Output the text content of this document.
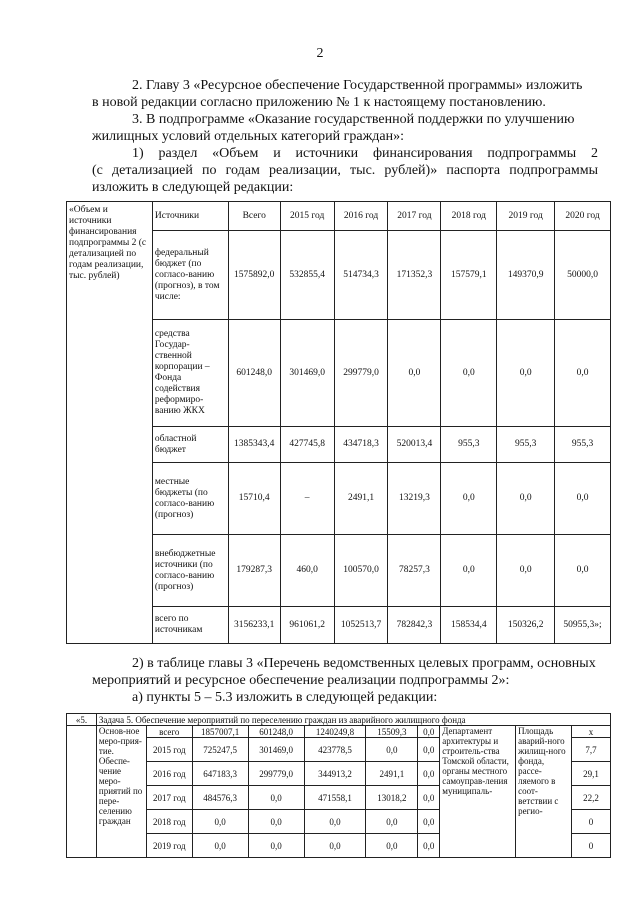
2

2. Главу 3 «Ресурсное обеспечение Государственной программы» изложить

в новой редакции согласно приложению № 1 к настоящему постановлению.

3. В подпрограмме «Оказание государственной поддержки по улучшению

жилищных условий отдельных категорий граждан»:

1) раздел «Объем и источники финансирования подпрограммы 2

(с детализацией по годам реализации, тыс. рублей)» паспорта подпрограммы

изложить в следующей редакции:

«Объем и источники финансирования подпрограммы 2 (с детализацией по годам реализации, тыс. рублей)	Источники	Всего	2015 год	2016 год	2017 год	2018 год	2019 год	2020 год
	федеральный бюджет (по согласо-ванию (прогноз), в том числе:	1575892,0	532855,4	514734,3	171352,3	157579,1	149370,9	50000,0
	средства Государ-ственной корпорации – Фонда содействия реформиро-ванию ЖКХ	601248,0	301469,0	299779,0	0,0	0,0	0,0	0,0
	областной бюджет	1385343,4	427745,8	434718,3	520013,4	955,3	955,3	955,3
	местные бюджеты (по согласо-ванию (прогноз)	15710,4	–	2491,1	13219,3	0,0	0,0	0,0
	внебюджетные источники (по согласо-ванию (прогноз)	179287,3	460,0	100570,0	78257,3	0,0	0,0	0,0
	всего по источникам	3156233,1	961061,2	1052513,7	782842,3	158534,4	150326,2	50955,3»;

2) в таблице главы 3 «Перечень ведомственных целевых программ, основных

мероприятий и ресурсное обеспечение реализации подпрограммы 2»:

а) пункты 5 – 5.3 изложить в следующей редакции:

«5.	Задача 5. Обеспечение мероприятий по переселению граждан из аварийного жилищного фонда									
	Основ-ное меро-прия-тие. Обеспе-чение меро-приятий по пере-селению граждан	всего	1857007,1	601248,0	1240249,8	15509,3	0,0	Департамент архитектуры и строитель-ства Томской области, органы местного самоуправ-ления муниципаль-	Площадь аварий-ного жилищ-ного фонда, рассе-ляемого в соот-ветствии с регио-	х
		2015 год	725247,5	301469,0	423778,5	0,0	0,0			7,7
		2016 год	647183,3	299779,0	344913,2	2491,1	0,0			29,1
		2017 год	484576,3	0,0	471558,1	13018,2	0,0			22,2
		2018 год	0,0	0,0	0,0	0,0	0,0			0
		2019 год	0,0	0,0	0,0	0,0	0,0			0
